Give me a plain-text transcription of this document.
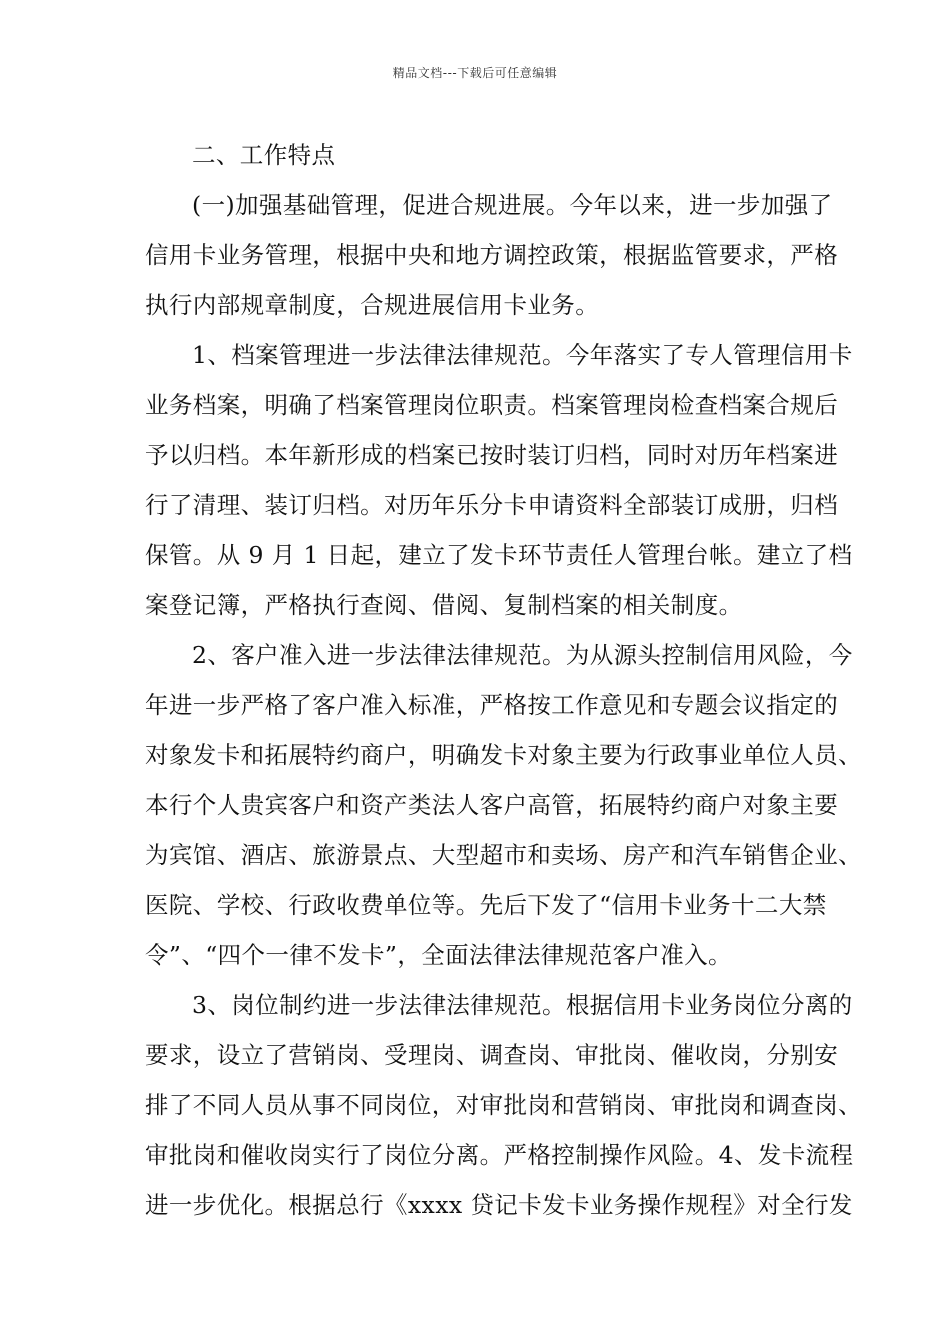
精品文档---下载后可任意编辑
二、工作特点
(一)加强基础管理，促进合规进展。今年以来，进一步加强了
信用卡业务管理，根据中央和地方调控政策，根据监管要求，严格
执行内部规章制度，合规进展信用卡业务。
1、档案管理进一步法律法律规范。今年落实了专人管理信用卡
业务档案，明确了档案管理岗位职责。档案管理岗检查档案合规后
予以归档。本年新形成的档案已按时装订归档，同时对历年档案进
行了清理、装订归档。对历年乐分卡申请资料全部装订成册，归档
保管。从 9 月 1 日起，建立了发卡环节责任人管理台帐。建立了档
案登记簿，严格执行查阅、借阅、复制档案的相关制度。
2、客户准入进一步法律法律规范。为从源头控制信用风险，今
年进一步严格了客户准入标准，严格按工作意见和专题会议指定的
对象发卡和拓展特约商户，明确发卡对象主要为行政事业单位人员、
本行个人贵宾客户和资产类法人客户高管，拓展特约商户对象主要
为宾馆、酒店、旅游景点、大型超市和卖场、房产和汽车销售企业、
医院、学校、行政收费单位等。先后下发了“信用卡业务十二大禁
令”、“四个一律不发卡”，全面法律法律规范客户准入。
3、岗位制约进一步法律法律规范。根据信用卡业务岗位分离的
要求，设立了营销岗、受理岗、调查岗、审批岗、催收岗，分别安
排了不同人员从事不同岗位，对审批岗和营销岗、审批岗和调查岗、
审批岗和催收岗实行了岗位分离。严格控制操作风险。4、发卡流程
进一步优化。根据总行《xxxx 贷记卡发卡业务操作规程》对全行发
